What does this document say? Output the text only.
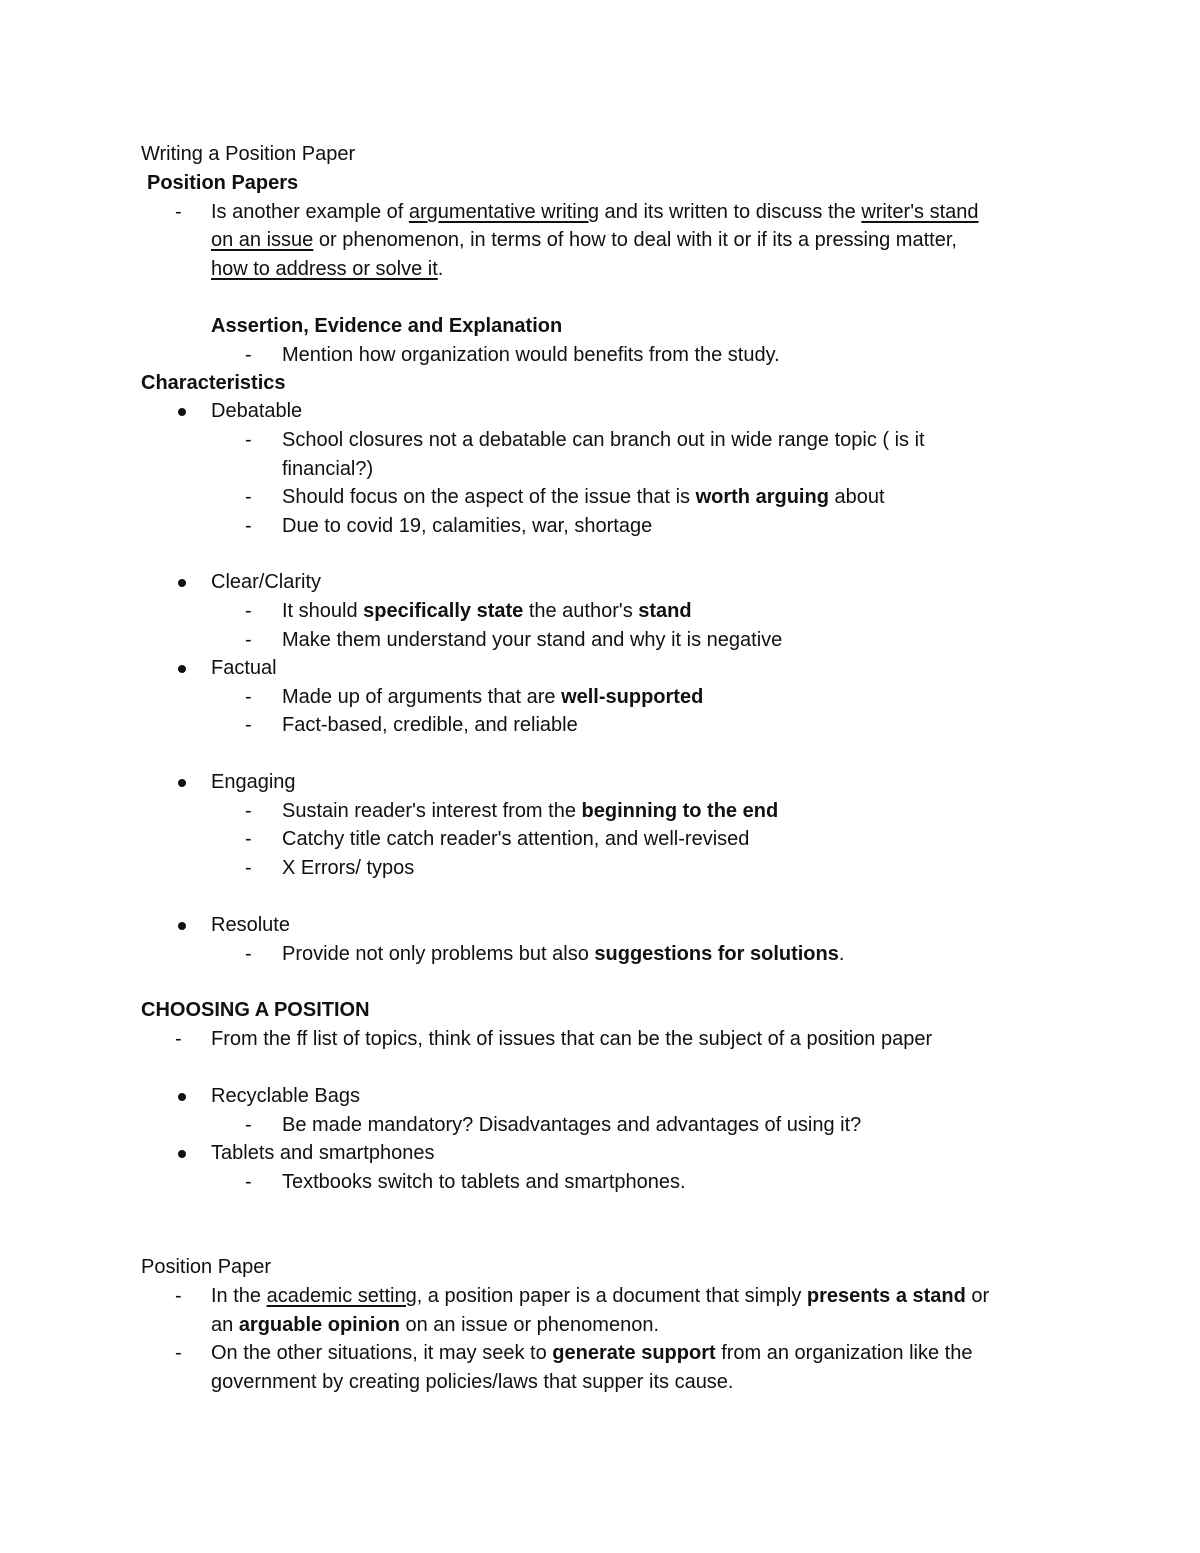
Writing a Position Paper
Position Papers
- Is another example of argumentative writing and its written to discuss the writer's stand
on an issue or phenomenon, in terms of how to deal with it or if its a pressing matter,
how to address or solve it.
Assertion, Evidence and Explanation
- Mention how organization would benefits from the study.
Characteristics
Debatable
- School closures not a debatable can branch out in wide range topic ( is it
financial?)
- Should focus on the aspect of the issue that is worth arguing about
- Due to covid 19, calamities, war, shortage
Clear/Clarity
- It should specifically state the author's stand
- Make them understand your stand and why it is negative
Factual
- Made up of arguments that are well-supported
- Fact-based, credible, and reliable
Engaging
- Sustain reader's interest from the beginning to the end
- Catchy title catch reader's attention, and well-revised
- X Errors/ typos
Resolute
- Provide not only problems but also suggestions for solutions.
CHOOSING A POSITION
- From the ff list of topics, think of issues that can be the subject of a position paper
Recyclable Bags
- Be made mandatory? Disadvantages and advantages of using it?
Tablets and smartphones
- Textbooks switch to tablets and smartphones.
Position Paper
- In the academic setting, a position paper is a document that simply presents a stand or
an arguable opinion on an issue or phenomenon.
- On the other situations, it may seek to generate support from an organization like the
government by creating policies/laws that supper its cause.
